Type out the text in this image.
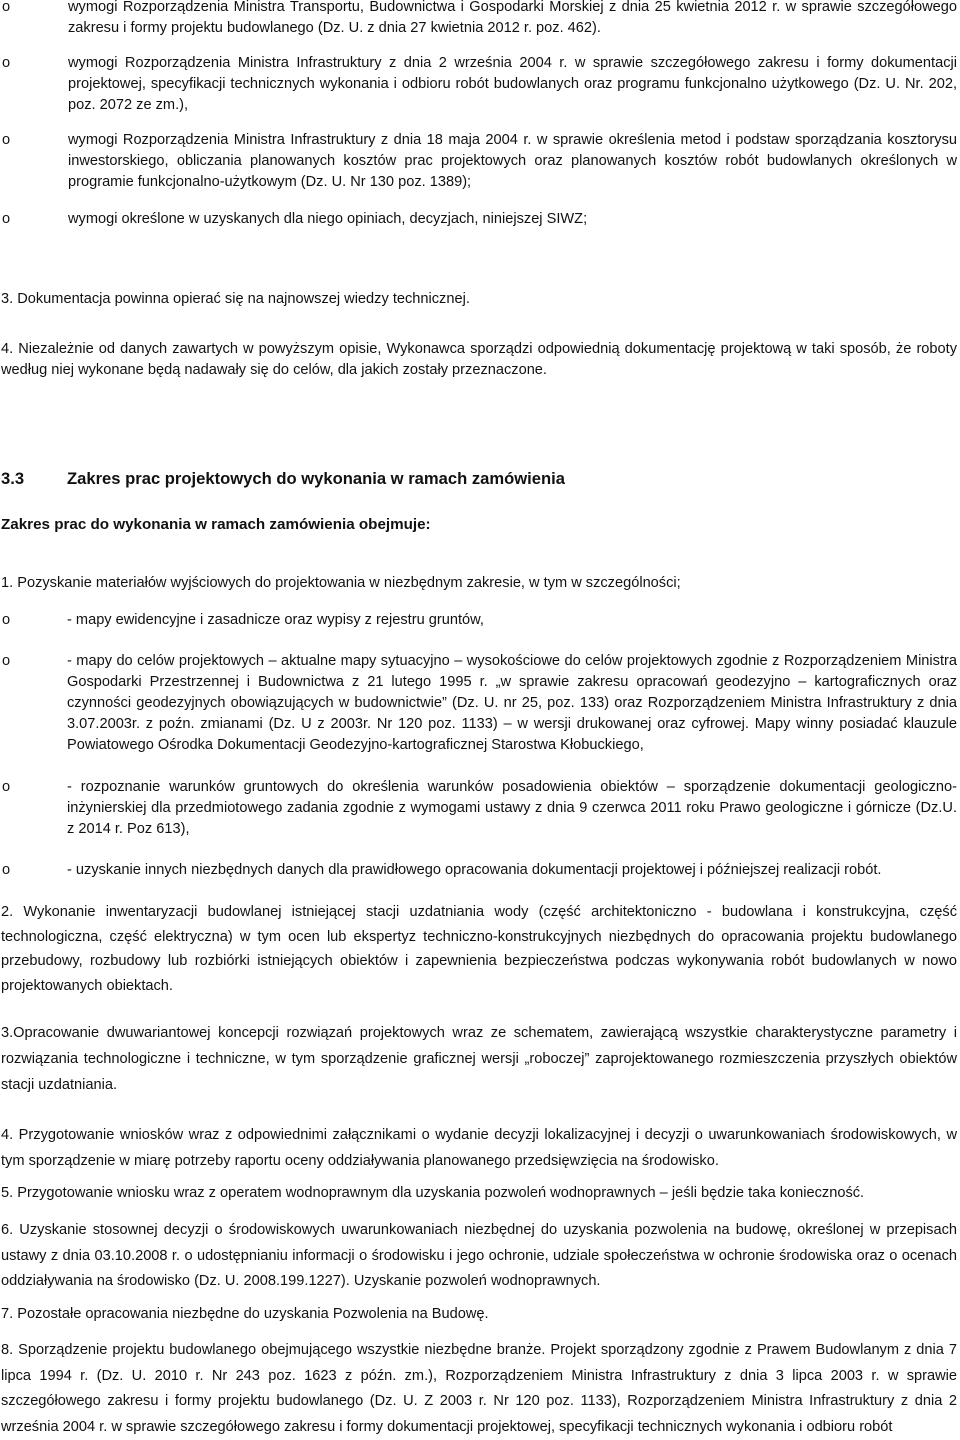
o	wymogi Rozporządzenia Ministra Transportu, Budownictwa i Gospodarki Morskiej z dnia 25 kwietnia 2012 r. w sprawie szczegółowego zakresu i formy projektu budowlanego (Dz. U. z dnia 27 kwietnia 2012 r. poz. 462).
o	wymogi Rozporządzenia Ministra Infrastruktury z dnia 2 września 2004 r. w sprawie szczegółowego zakresu i formy dokumentacji projektowej, specyfikacji technicznych wykonania i odbioru robót budowlanych oraz programu funkcjonalno użytkowego (Dz. U. Nr. 202, poz. 2072 ze zm.),
o	wymogi Rozporządzenia Ministra Infrastruktury z dnia 18 maja 2004 r. w sprawie określenia metod i podstaw sporządzania kosztorysu inwestorskiego, obliczania planowanych kosztów prac projektowych oraz planowanych kosztów robót budowlanych określonych w programie funkcjonalno-użytkowym (Dz. U. Nr 130 poz. 1389);
o	wymogi określone w uzyskanych dla niego opiniach, decyzjach, niniejszej SIWZ;

3. Dokumentacja powinna opierać się na najnowszej wiedzy technicznej.

4. Niezależnie od danych zawartych w powyższym opisie, Wykonawca sporządzi odpowiednią dokumentację projektową w taki sposób, że roboty według niej wykonane będą nadawały się do celów, dla jakich zostały przeznaczone.

3.3	Zakres prac projektowych do wykonania w ramach zamówienia

Zakres prac do wykonania w ramach zamówienia obejmuje:

1. Pozyskanie materiałów wyjściowych do projektowania w niezbędnym zakresie, w tym w szczególności;

o	- mapy ewidencyjne i zasadnicze oraz wypisy z rejestru gruntów,
o	- mapy do celów projektowych – aktualne mapy sytuacyjno – wysokościowe do celów projektowych zgodnie z Rozporządzeniem Ministra Gospodarki Przestrzennej i Budownictwa z 21 lutego 1995 r. „w sprawie zakresu opracowań geodezyjno – kartograficznych oraz czynności geodezyjnych obowiązujących w budownictwie” (Dz. U. nr 25, poz. 133) oraz Rozporządzeniem Ministra Infrastruktury z dnia 3.07.2003r. z poźn. zmianami (Dz. U z 2003r. Nr 120 poz. 1133) – w wersji drukowanej oraz cyfrowej. Mapy winny posiadać klauzule Powiatowego Ośrodka Dokumentacji Geodezyjno-kartograficznej Starostwa Kłobuckiego,
o	- rozpoznanie warunków gruntowych do określenia warunków posadowienia obiektów – sporządzenie dokumentacji geologiczno-inżynierskiej dla przedmiotowego zadania zgodnie z wymogami ustawy z dnia 9 czerwca 2011 roku Prawo geologiczne i górnicze (Dz.U. z 2014 r. Poz 613),
o	- uzyskanie innych niezbędnych danych dla prawidłowego opracowania dokumentacji projektowej i późniejszej realizacji robót.

2. Wykonanie inwentaryzacji budowlanej istniejącej stacji uzdatniania wody (część architektoniczno - budowlana i konstrukcyjna, część technologiczna, część elektryczna) w tym ocen lub ekspertyz techniczno-konstrukcyjnych niezbędnych do opracowania projektu budowlanego przebudowy, rozbudowy lub rozbiórki istniejących obiektów i zapewnienia bezpieczeństwa podczas wykonywania robót budowlanych w nowo projektowanych obiektach.

3.Opracowanie dwuwariantowej koncepcji rozwiązań projektowych wraz ze schematem, zawierającą wszystkie charakterystyczne parametry i rozwiązania technologiczne i techniczne, w tym sporządzenie graficznej wersji „roboczej” zaprojektowanego rozmieszczenia przyszłych obiektów stacji uzdatniania.

4. Przygotowanie wniosków wraz z odpowiednimi załącznikami o wydanie decyzji lokalizacyjnej i decyzji o uwarunkowaniach środowiskowych, w tym sporządzenie w miarę potrzeby raportu oceny oddziaływania planowanego przedsięwzięcia na środowisko.

5. Przygotowanie wniosku wraz z operatem wodnoprawnym dla uzyskania pozwoleń wodnoprawnych – jeśli będzie taka konieczność.

6. Uzyskanie stosownej decyzji o środowiskowych uwarunkowaniach niezbędnej do uzyskania pozwolenia na budowę, określonej w przepisach ustawy z dnia 03.10.2008 r. o udostępnianiu informacji o środowisku i jego ochronie, udziale społeczeństwa w ochronie środowiska oraz o ocenach oddziaływania na środowisko (Dz. U. 2008.199.1227). Uzyskanie pozwoleń wodnoprawnych.

7. Pozostałe opracowania niezbędne do uzyskania Pozwolenia na Budowę.

8. Sporządzenie projektu budowlanego obejmującego wszystkie niezbędne branże. Projekt sporządzony zgodnie z Prawem Budowlanym z dnia 7 lipca 1994 r. (Dz. U. 2010 r. Nr 243 poz. 1623 z późn. zm.), Rozporządzeniem Ministra Infrastruktury z dnia 3 lipca 2003 r. w sprawie szczegółowego zakresu i formy projektu budowlanego (Dz. U. Z 2003 r. Nr 120 poz. 1133), Rozporządzeniem Ministra Infrastruktury z dnia 2 września 2004 r. w sprawie szczegółowego zakresu i formy dokumentacji projektowej, specyfikacji technicznych wykonania i odbioru robót
